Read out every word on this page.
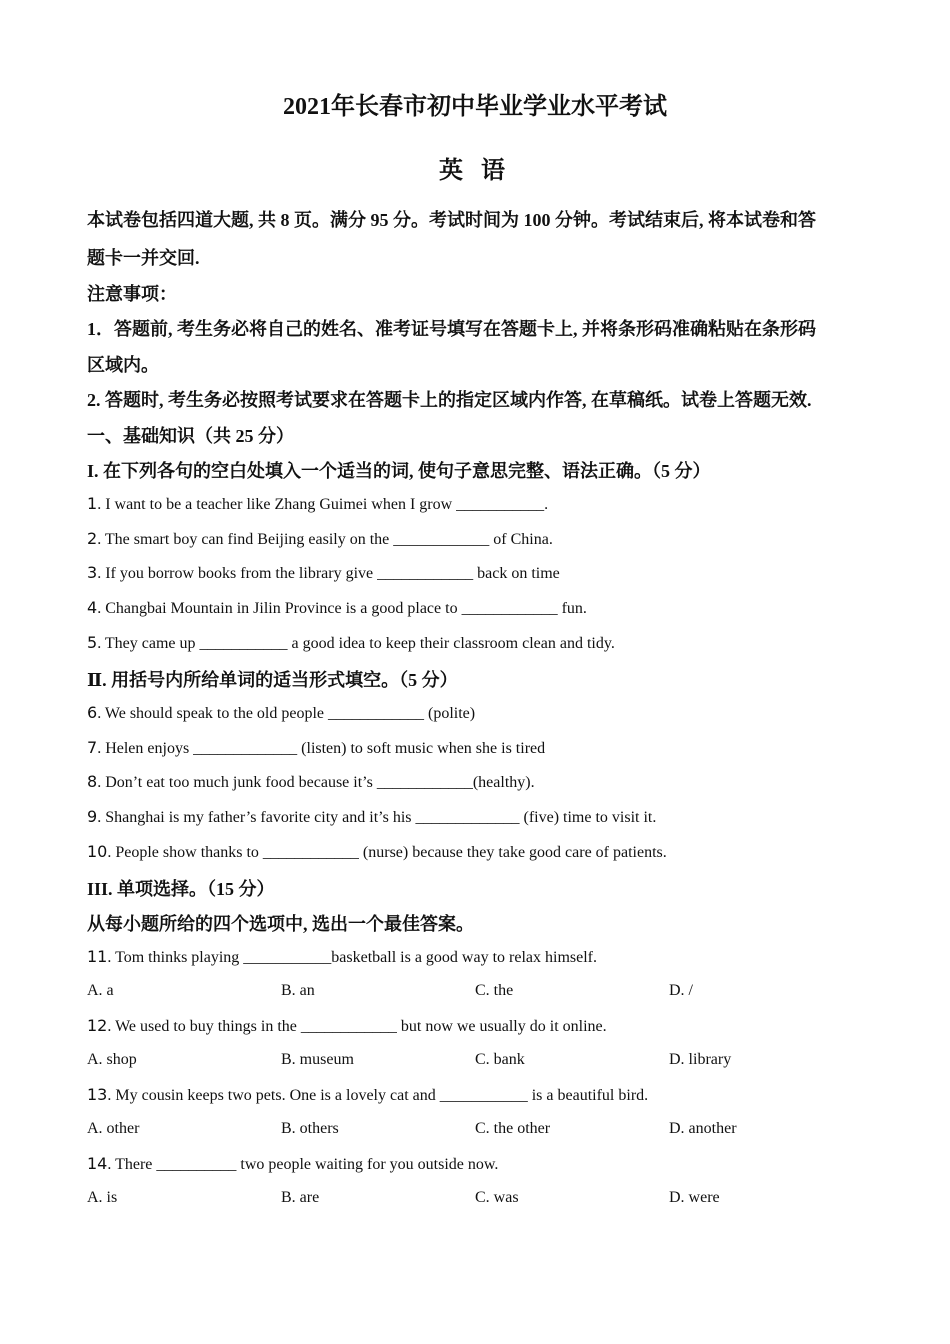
2021年长春市初中毕业学业水平考试
英 语
本试卷包括四道大题, 共 8 页。满分 95 分。考试时间为 100 分钟。考试结束后, 将本试卷和答
题卡一并交回.
注意事项：
1．答题前, 考生务必将自己的姓名、准考证号填写在答题卡上, 并将条形码准确粘贴在条形码
区域内。
2. 答题时, 考生务必按照考试要求在答题卡上的指定区域内作答, 在草稿纸。试卷上答题无效.
一、基础知识（共 25 分）
I. 在下列各句的空白处填入一个适当的词, 使句子意思完整、语法正确。（5 分）
1. I want to be a teacher like Zhang Guimei when I grow ___________.
2. The smart boy can find Beijing easily on the ____________ of China.
3. If you borrow books from the library give ____________ back on time
4. Changbai Mountain in Jilin Province is a good place to ____________ fun.
5. They came up ___________ a good idea to keep their classroom clean and tidy.
Ⅱ. 用括号内所给单词的适当形式填空。（5 分）
6. We should speak to the old people ____________ (polite)
7. Helen enjoys _____________ (listen) to soft music when she is tired
8. Don’t eat too much junk food because it’s ____________(healthy).
9. Shanghai is my father’s favorite city and it’s his _____________ (five) time to visit it.
10. People show thanks to ____________ (nurse) because they take good care of patients.
III. 单项选择。（15 分）
从每小题所给的四个选项中, 选出一个最佳答案。
11. Tom thinks playing ___________basketball is a good way to relax himself.
A. a	B. an	C. the	D. /
12. We used to buy things in the ____________ but now we usually do it online.
A. shop	B. museum	C. bank	D. library
13. My cousin keeps two pets. One is a lovely cat and ___________ is a beautiful bird.
A. other	B. others	C. the other	D. another
14. There __________ two people waiting for you outside now.
A. is	B. are	C. was	D. were
